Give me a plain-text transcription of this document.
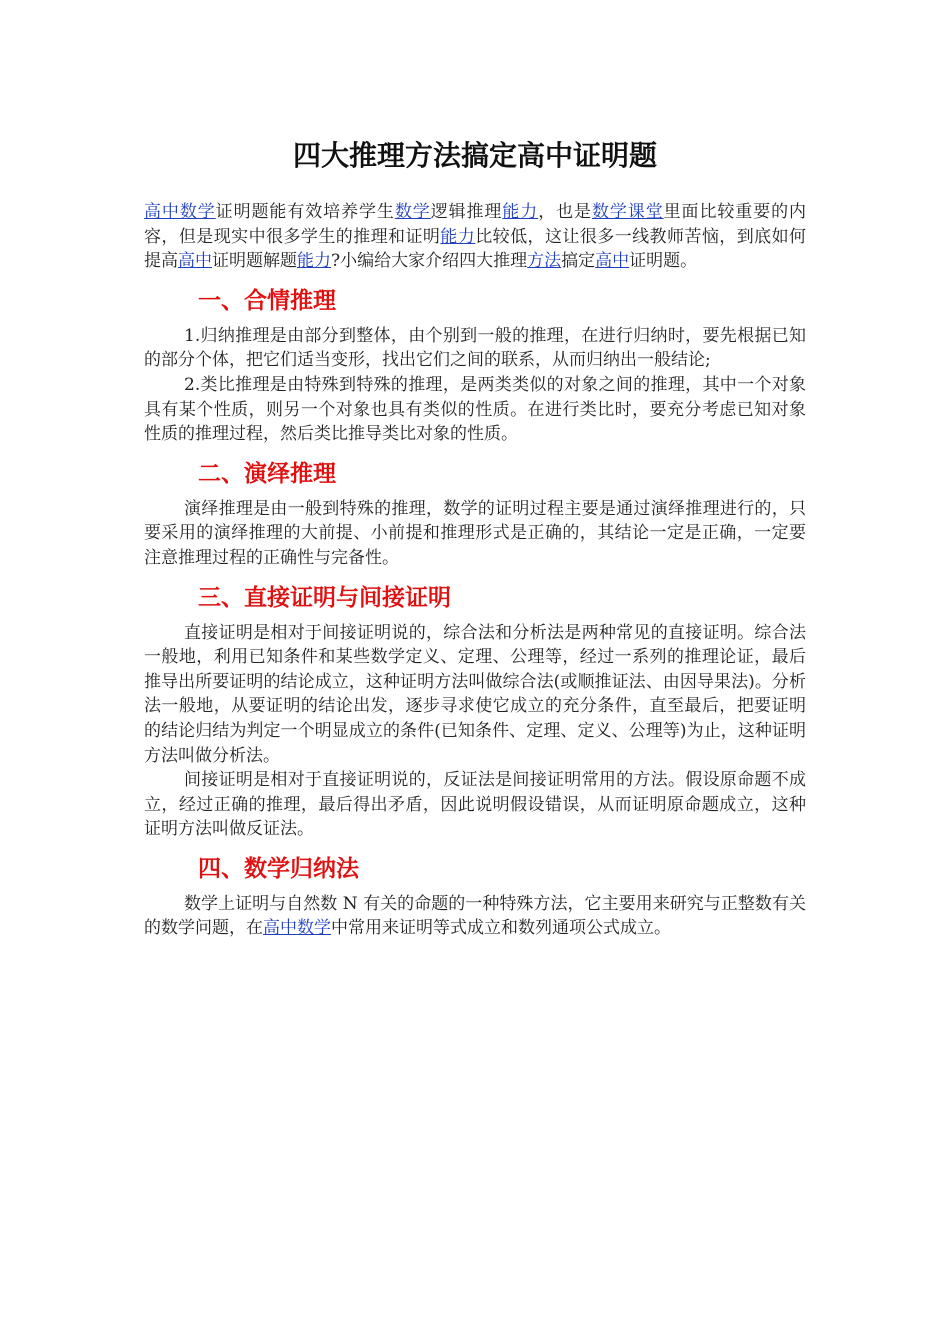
四大推理方法搞定高中证明题

高中数学证明题能有效培养学生数学逻辑推理能力，也是数学课堂里面比较重要的内容，但是现实中很多学生的推理和证明能力比较低，这让很多一线教师苦恼，到底如何提高高中证明题解题能力?小编给大家介绍四大推理方法搞定高中证明题。

一、合情推理

1.归纳推理是由部分到整体，由个别到一般的推理，在进行归纳时，要先根据已知的部分个体，把它们适当变形，找出它们之间的联系，从而归纳出一般结论;

2.类比推理是由特殊到特殊的推理，是两类类似的对象之间的推理，其中一个对象具有某个性质，则另一个对象也具有类似的性质。在进行类比时，要充分考虑已知对象性质的推理过程，然后类比推导类比对象的性质。

二、演绎推理

演绎推理是由一般到特殊的推理，数学的证明过程主要是通过演绎推理进行的，只要采用的演绎推理的大前提、小前提和推理形式是正确的，其结论一定是正确，一定要注意推理过程的正确性与完备性。

三、直接证明与间接证明

直接证明是相对于间接证明说的，综合法和分析法是两种常见的直接证明。综合法一般地，利用已知条件和某些数学定义、定理、公理等，经过一系列的推理论证，最后推导出所要证明的结论成立，这种证明方法叫做综合法(或顺推证法、由因导果法)。分析法一般地，从要证明的结论出发，逐步寻求使它成立的充分条件，直至最后，把要证明的结论归结为判定一个明显成立的条件(已知条件、定理、定义、公理等)为止，这种证明方法叫做分析法。

间接证明是相对于直接证明说的，反证法是间接证明常用的方法。假设原命题不成立，经过正确的推理，最后得出矛盾，因此说明假设错误，从而证明原命题成立，这种证明方法叫做反证法。

四、数学归纳法

数学上证明与自然数 N 有关的命题的一种特殊方法，它主要用来研究与正整数有关的数学问题，在高中数学中常用来证明等式成立和数列通项公式成立。
